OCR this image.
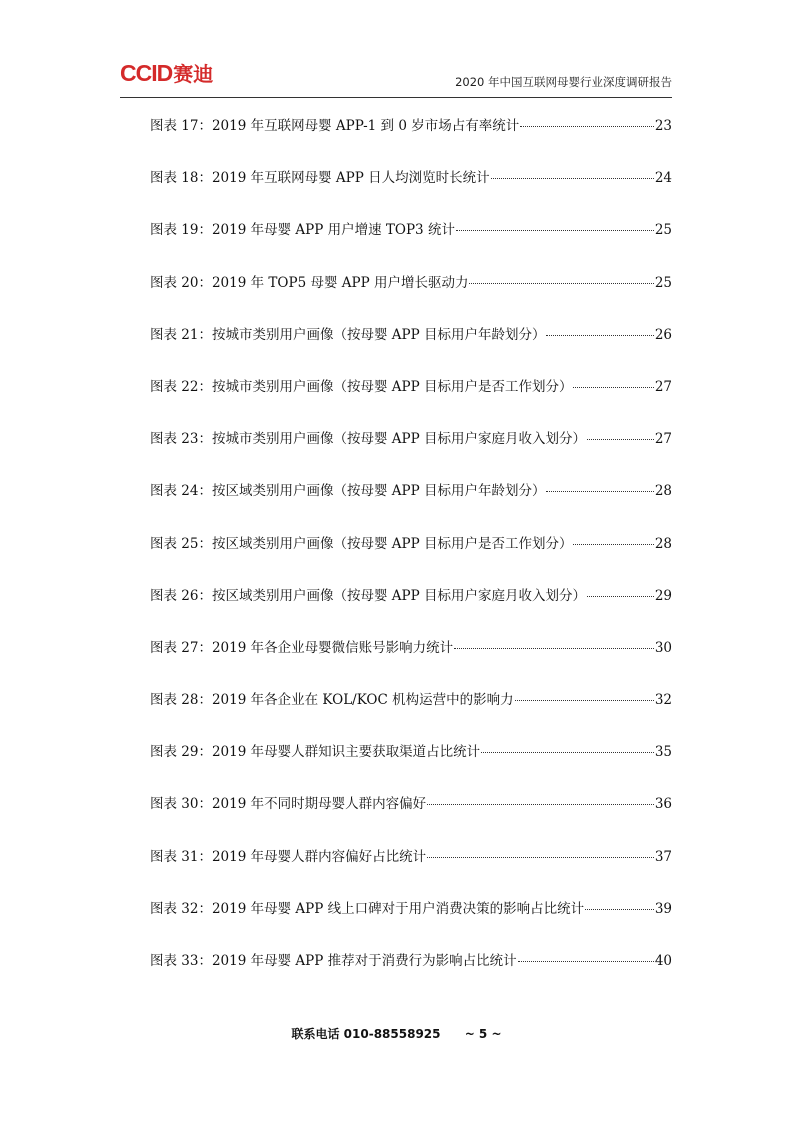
CCID 赛迪	2020 年中国互联网母婴行业深度调研报告
图表 17：2019 年互联网母婴 APP-1 到 0 岁市场占有率统计	23
图表 18：2019 年互联网母婴 APP 日人均浏览时长统计	24
图表 19：2019 年母婴 APP 用户增速 TOP3 统计	25
图表 20：2019 年 TOP5 母婴 APP 用户增长驱动力	25
图表 21：按城市类别用户画像（按母婴 APP 目标用户年龄划分）	26
图表 22：按城市类别用户画像（按母婴 APP 目标用户是否工作划分）	27
图表 23：按城市类别用户画像（按母婴 APP 目标用户家庭月收入划分）	27
图表 24：按区域类别用户画像（按母婴 APP 目标用户年龄划分）	28
图表 25：按区域类别用户画像（按母婴 APP 目标用户是否工作划分）	28
图表 26：按区域类别用户画像（按母婴 APP 目标用户家庭月收入划分）	29
图表 27：2019 年各企业母婴微信账号影响力统计	30
图表 28：2019 年各企业在 KOL/KOC 机构运营中的影响力	32
图表 29：2019 年母婴人群知识主要获取渠道占比统计	35
图表 30：2019 年不同时期母婴人群内容偏好	36
图表 31：2019 年母婴人群内容偏好占比统计	37
图表 32：2019 年母婴 APP 线上口碑对于用户消费决策的影响占比统计	39
图表 33：2019 年母婴 APP 推荐对于消费行为影响占比统计	40
联系电话 010-88558925 ~ 5 ~
